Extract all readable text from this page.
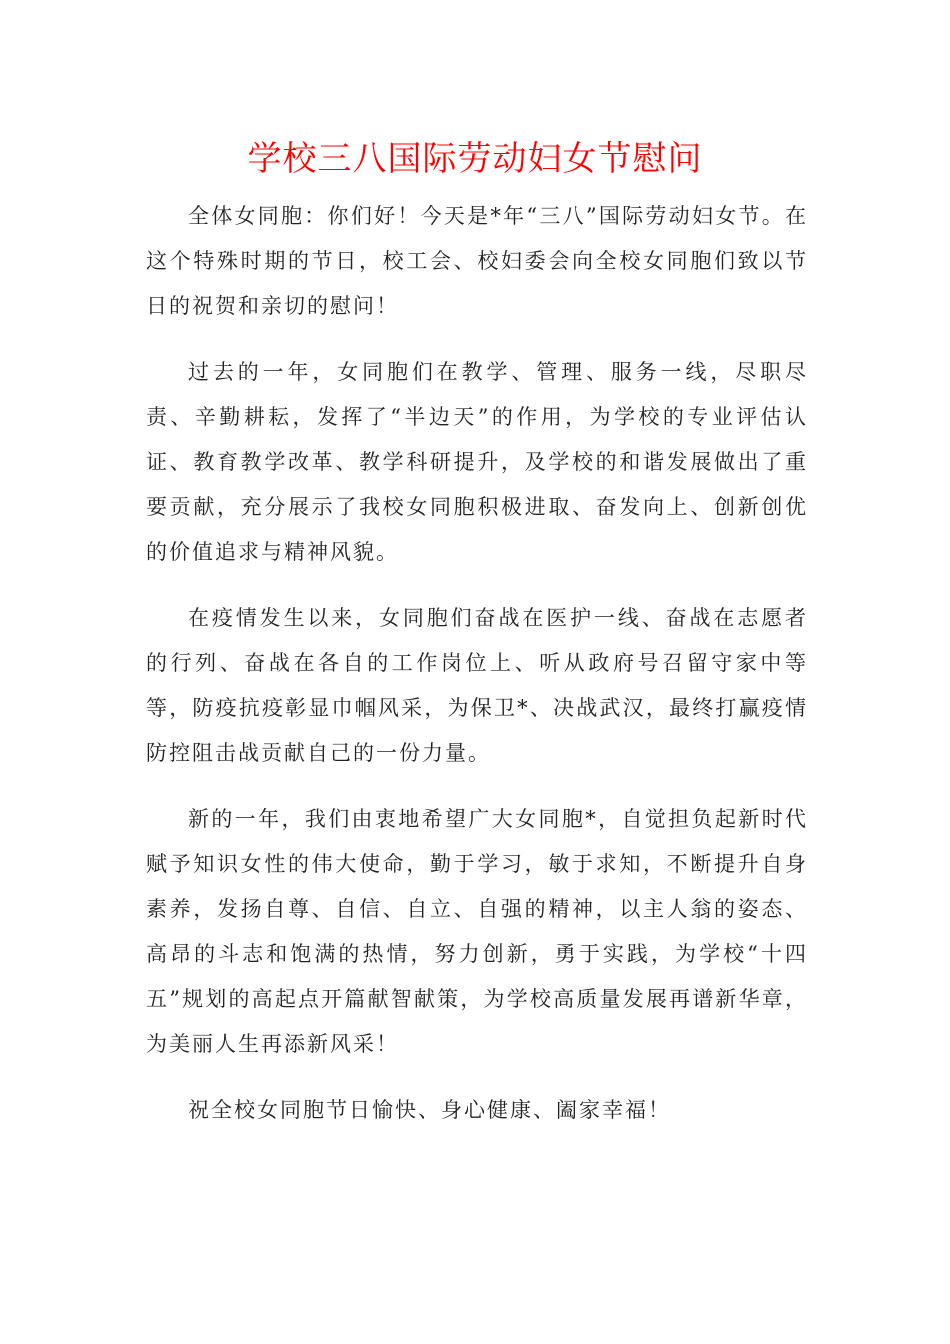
学校三八国际劳动妇女节慰问

全体女同胞：你们好！今天是*年“三八”国际劳动妇女节。在这个特殊时期的节日，校工会、校妇委会向全校女同胞们致以节日的祝贺和亲切的慰问！

过去的一年，女同胞们在教学、管理、服务一线，尽职尽责、辛勤耕耘，发挥了“半边天”的作用，为学校的专业评估认证、教育教学改革、教学科研提升，及学校的和谐发展做出了重要贡献，充分展示了我校女同胞积极进取、奋发向上、创新创优的价值追求与精神风貌。

在疫情发生以来，女同胞们奋战在医护一线、奋战在志愿者的行列、奋战在各自的工作岗位上、听从政府号召留守家中等等，防疫抗疫彰显巾帼风采，为保卫*、决战武汉，最终打赢疫情防控阻击战贡献自己的一份力量。

新的一年，我们由衷地希望广大女同胞*，自觉担负起新时代赋予知识女性的伟大使命，勤于学习，敏于求知，不断提升自身素养，发扬自尊、自信、自立、自强的精神，以主人翁的姿态、高昂的斗志和饱满的热情，努力创新，勇于实践，为学校“十四五”规划的高起点开篇献智献策，为学校高质量发展再谱新华章，为美丽人生再添新风采！

祝全校女同胞节日愉快、身心健康、阖家幸福！
